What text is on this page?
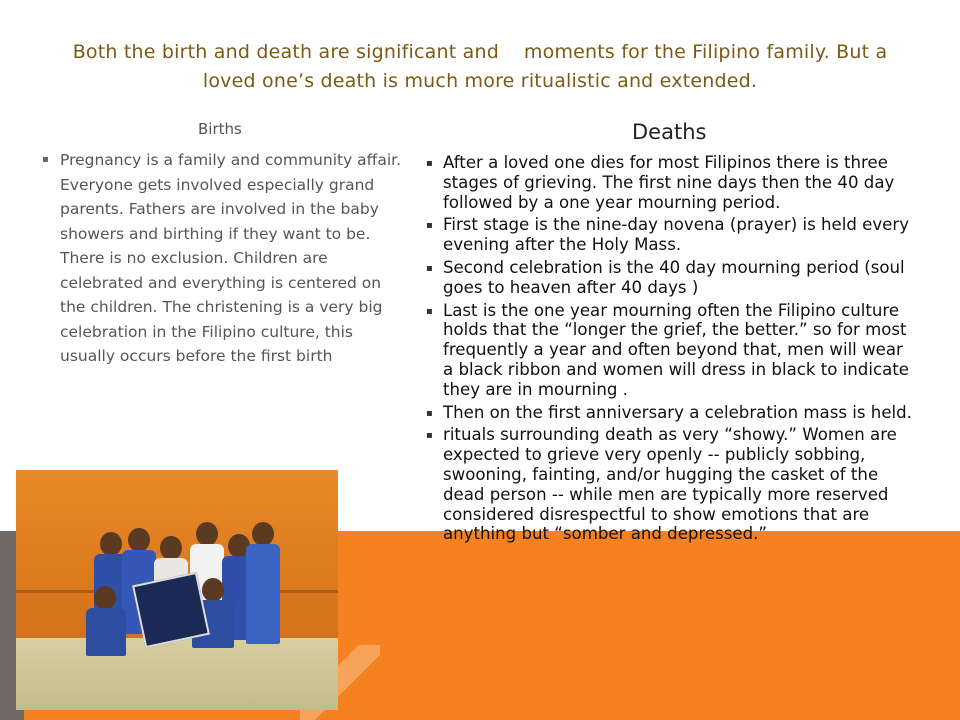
Both the birth and death are significant and    moments for the Filipino family. But a
loved one’s death is much more ritualistic and extended.
Births
▪ Pregnancy is a family and community affair. Everyone gets involved especially grand parents. Fathers are involved in the baby showers and birthing if they want to be. There is no exclusion. Children are celebrated and everything is centered on the children. The christening is a very big celebration in the Filipino culture, this usually occurs before the first birth
Deaths
▪ After a loved one dies for most Filipinos there is three stages of grieving. The first nine days then the 40 day followed by a one year mourning period.
▪ First stage is the nine-day novena (prayer) is held every evening after the Holy Mass.
▪ Second celebration is the 40 day mourning period (soul goes to heaven after 40 days )
▪ Last is the one year mourning often the Filipino culture holds that the “longer the grief, the better.” so for most frequently a year and often beyond that, men will wear a black ribbon and women will dress in black to indicate they are in mourning .
▪ Then on the first anniversary a celebration mass is held.
▪ rituals surrounding death as very “showy.” Women are expected to grieve very openly -- publicly sobbing, swooning, fainting, and/or hugging the casket of the dead person -- while men are typically more reserved considered disrespectful to show emotions that are anything but “somber and depressed.”
